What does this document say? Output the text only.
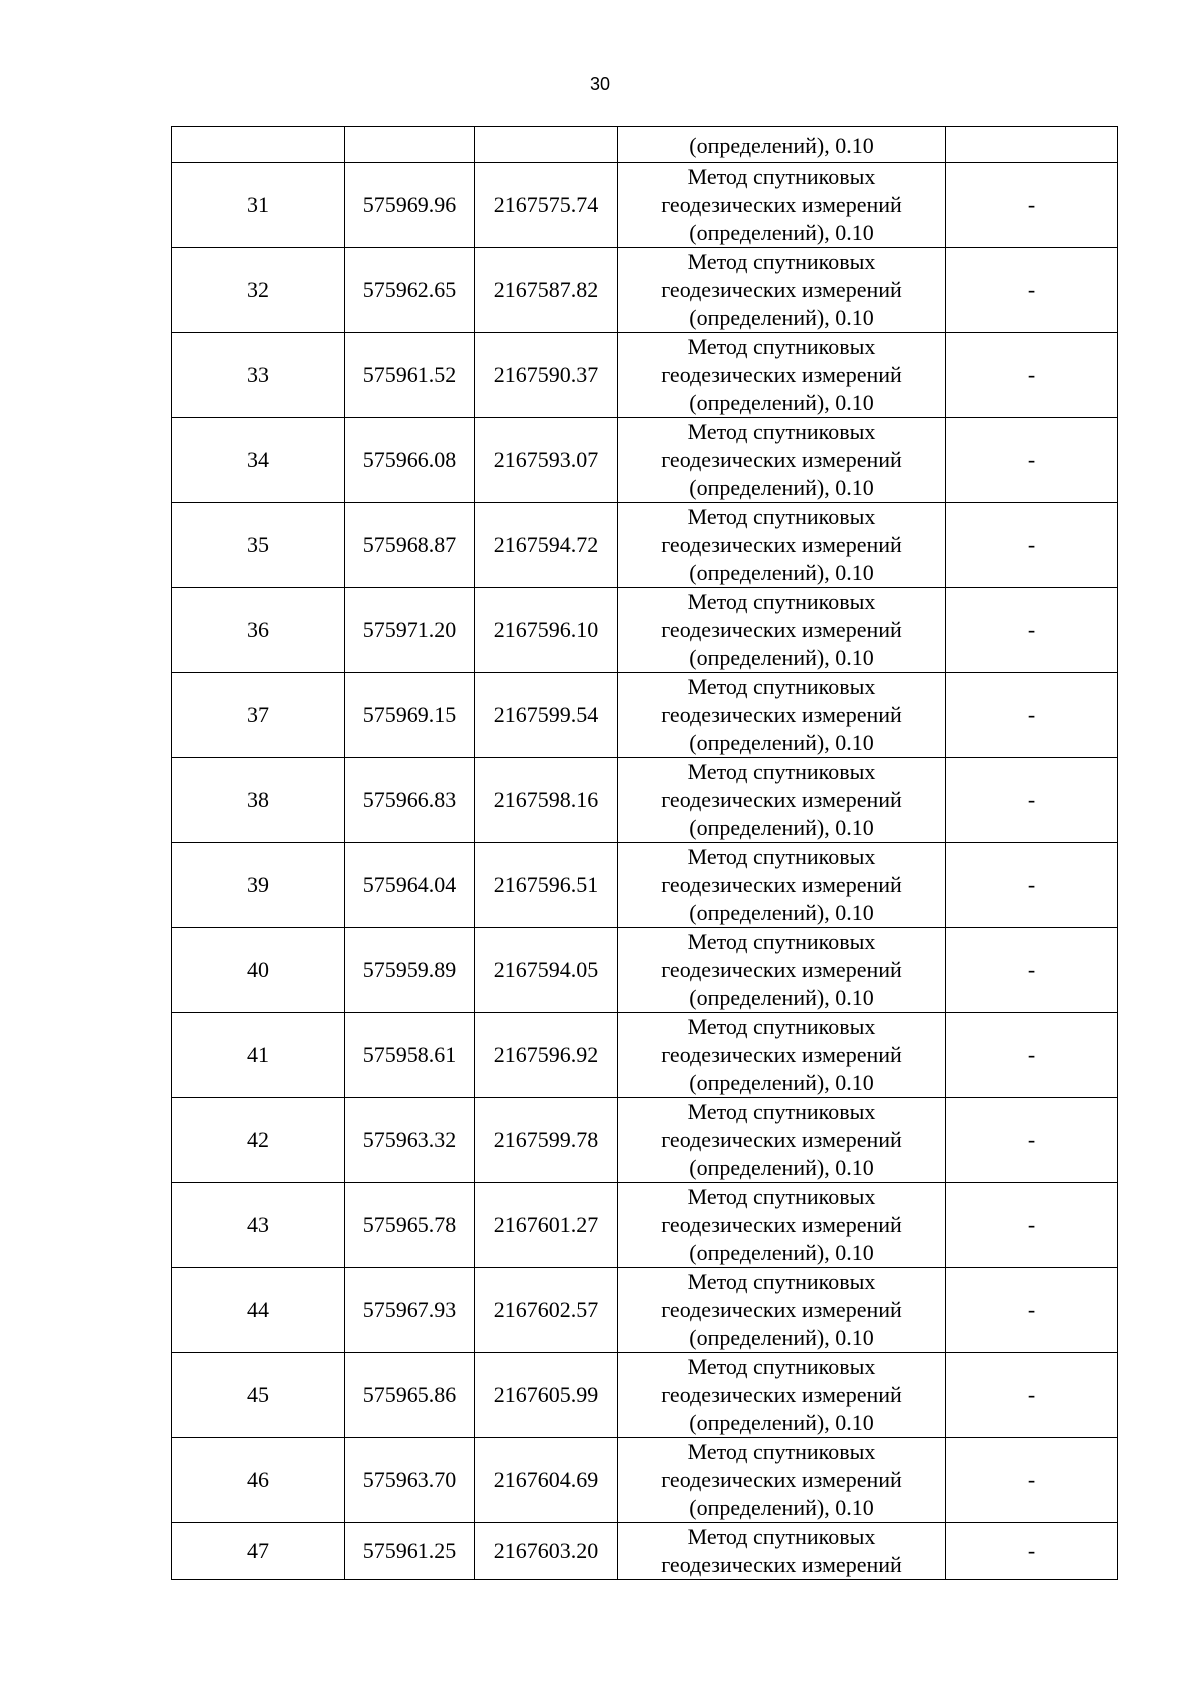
30
			(определений), 0.10	
31	575969.96	2167575.74	Метод спутниковых
геодезических измерений
(определений), 0.10	-
32	575962.65	2167587.82	Метод спутниковых
геодезических измерений
(определений), 0.10	-
33	575961.52	2167590.37	Метод спутниковых
геодезических измерений
(определений), 0.10	-
34	575966.08	2167593.07	Метод спутниковых
геодезических измерений
(определений), 0.10	-
35	575968.87	2167594.72	Метод спутниковых
геодезических измерений
(определений), 0.10	-
36	575971.20	2167596.10	Метод спутниковых
геодезических измерений
(определений), 0.10	-
37	575969.15	2167599.54	Метод спутниковых
геодезических измерений
(определений), 0.10	-
38	575966.83	2167598.16	Метод спутниковых
геодезических измерений
(определений), 0.10	-
39	575964.04	2167596.51	Метод спутниковых
геодезических измерений
(определений), 0.10	-
40	575959.89	2167594.05	Метод спутниковых
геодезических измерений
(определений), 0.10	-
41	575958.61	2167596.92	Метод спутниковых
геодезических измерений
(определений), 0.10	-
42	575963.32	2167599.78	Метод спутниковых
геодезических измерений
(определений), 0.10	-
43	575965.78	2167601.27	Метод спутниковых
геодезических измерений
(определений), 0.10	-
44	575967.93	2167602.57	Метод спутниковых
геодезических измерений
(определений), 0.10	-
45	575965.86	2167605.99	Метод спутниковых
геодезических измерений
(определений), 0.10	-
46	575963.70	2167604.69	Метод спутниковых
геодезических измерений
(определений), 0.10	-
47	575961.25	2167603.20	Метод спутниковых
геодезических измерений	-
